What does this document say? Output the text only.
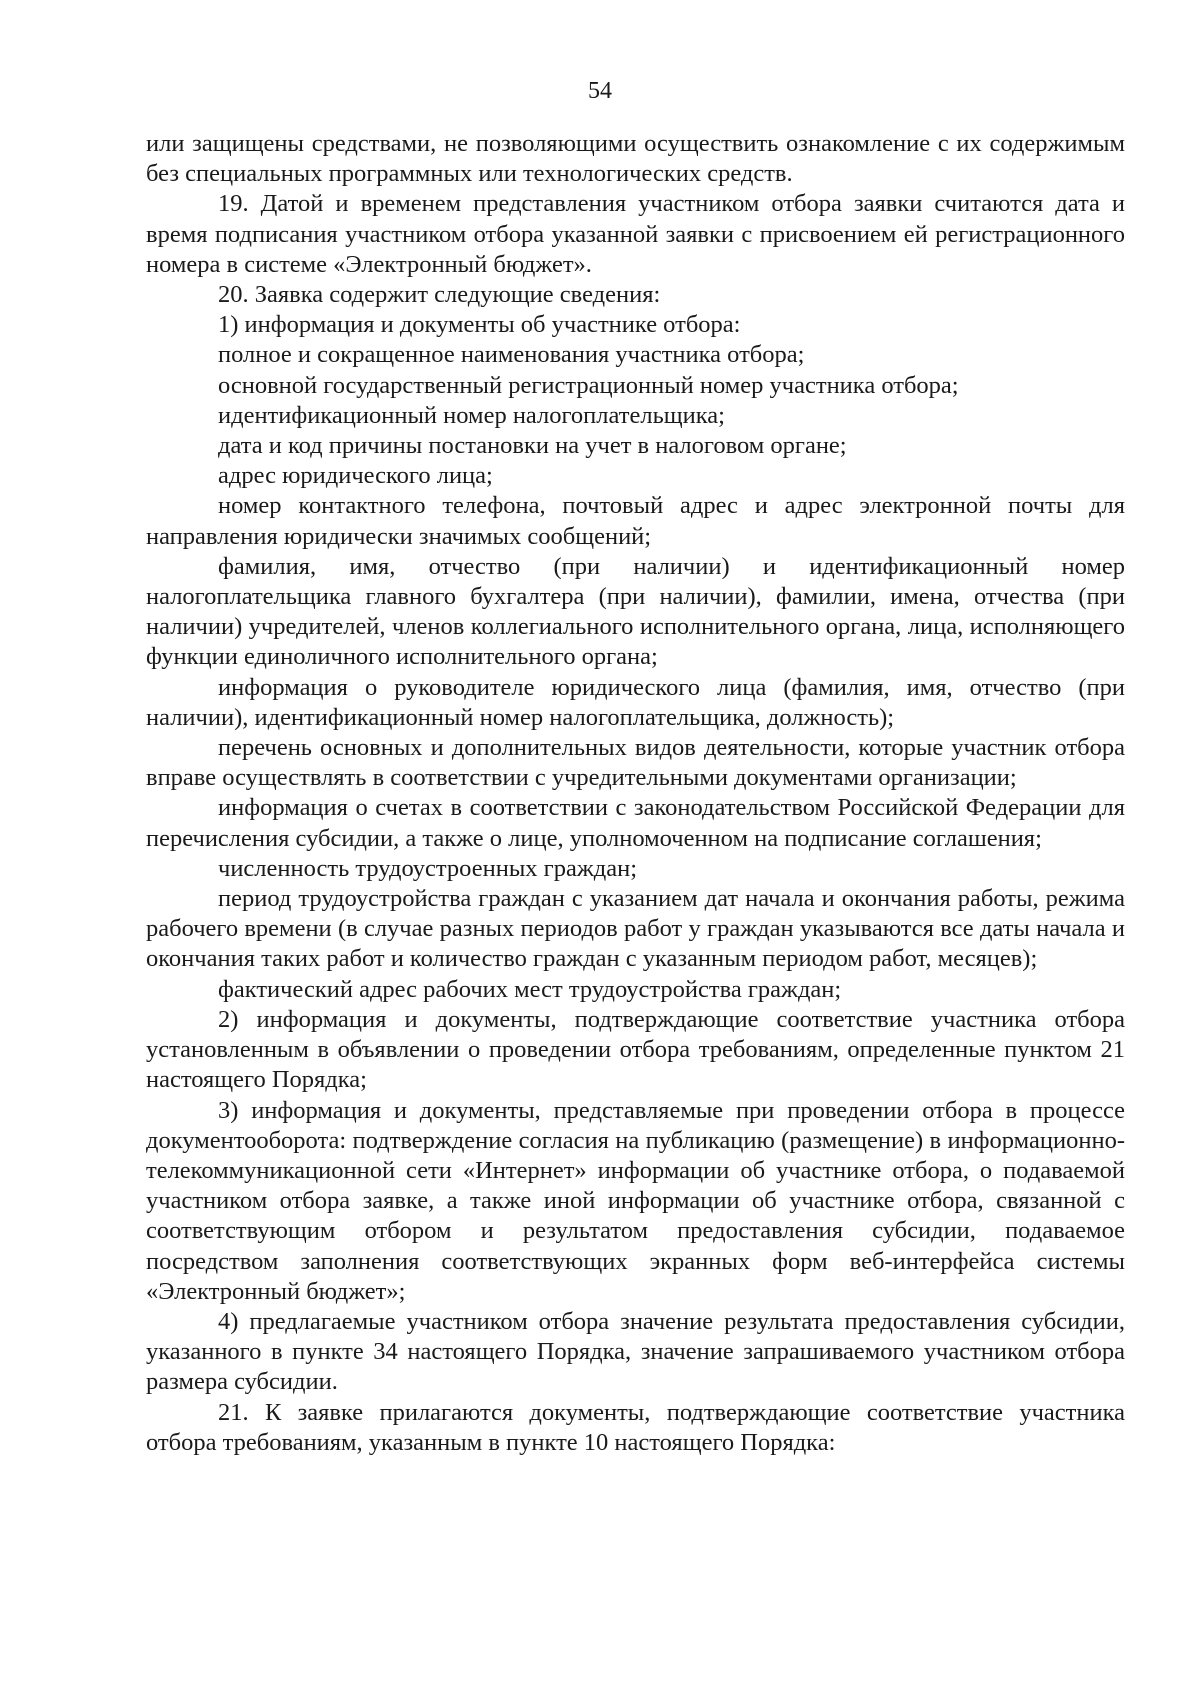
54

или защищены средствами, не позволяющими осуществить ознакомление с их содержимым без специальных программных или технологических средств.

19. Датой и временем представления участником отбора заявки считаются дата и время подписания участником отбора указанной заявки с присвоением ей регистрационного номера в системе «Электронный бюджет».

20. Заявка содержит следующие сведения:

1) информация и документы об участнике отбора:

полное и сокращенное наименования участника отбора;

основной государственный регистрационный номер участника отбора;

идентификационный номер налогоплательщика;

дата и код причины постановки на учет в налоговом органе;

адрес юридического лица;

номер контактного телефона, почтовый адрес и адрес электронной почты для направления юридически значимых сообщений;

фамилия, имя, отчество (при наличии) и идентификационный номер налогоплательщика главного бухгалтера (при наличии), фамилии, имена, отчества (при наличии) учредителей, членов коллегиального исполнительного органа, лица, исполняющего функции единоличного исполнительного органа;

информация о руководителе юридического лица (фамилия, имя, отчество (при наличии), идентификационный номер налогоплательщика, должность);

перечень основных и дополнительных видов деятельности, которые участник отбора вправе осуществлять в соответствии с учредительными документами организации;

информация о счетах в соответствии с законодательством Российской Федерации для перечисления субсидии, а также о лице, уполномоченном на подписание соглашения;

численность трудоустроенных граждан;

период трудоустройства граждан с указанием дат начала и окончания работы, режима рабочего времени (в случае разных периодов работ у граждан указываются все даты начала и окончания таких работ и количество граждан с указанным периодом работ, месяцев);

фактический адрес рабочих мест трудоустройства граждан;

2) информация и документы, подтверждающие соответствие участника отбора установленным в объявлении о проведении отбора требованиям, определенные пунктом 21 настоящего Порядка;

3) информация и документы, представляемые при проведении отбора в процессе документооборота: подтверждение согласия на публикацию (размещение) в информационно-телекоммуникационной сети «Интернет» информации об участнике отбора, о подаваемой участником отбора заявке, а также иной информации об участнике отбора, связанной с соответствующим отбором и результатом предоставления субсидии, подаваемое посредством заполнения соответствующих экранных форм веб-интерфейса системы «Электронный бюджет»;

4) предлагаемые участником отбора значение результата предоставления субсидии, указанного в пункте 34 настоящего Порядка, значение запрашиваемого участником отбора размера субсидии.

21. К заявке прилагаются документы, подтверждающие соответствие участника отбора требованиям, указанным в пункте 10 настоящего Порядка:
